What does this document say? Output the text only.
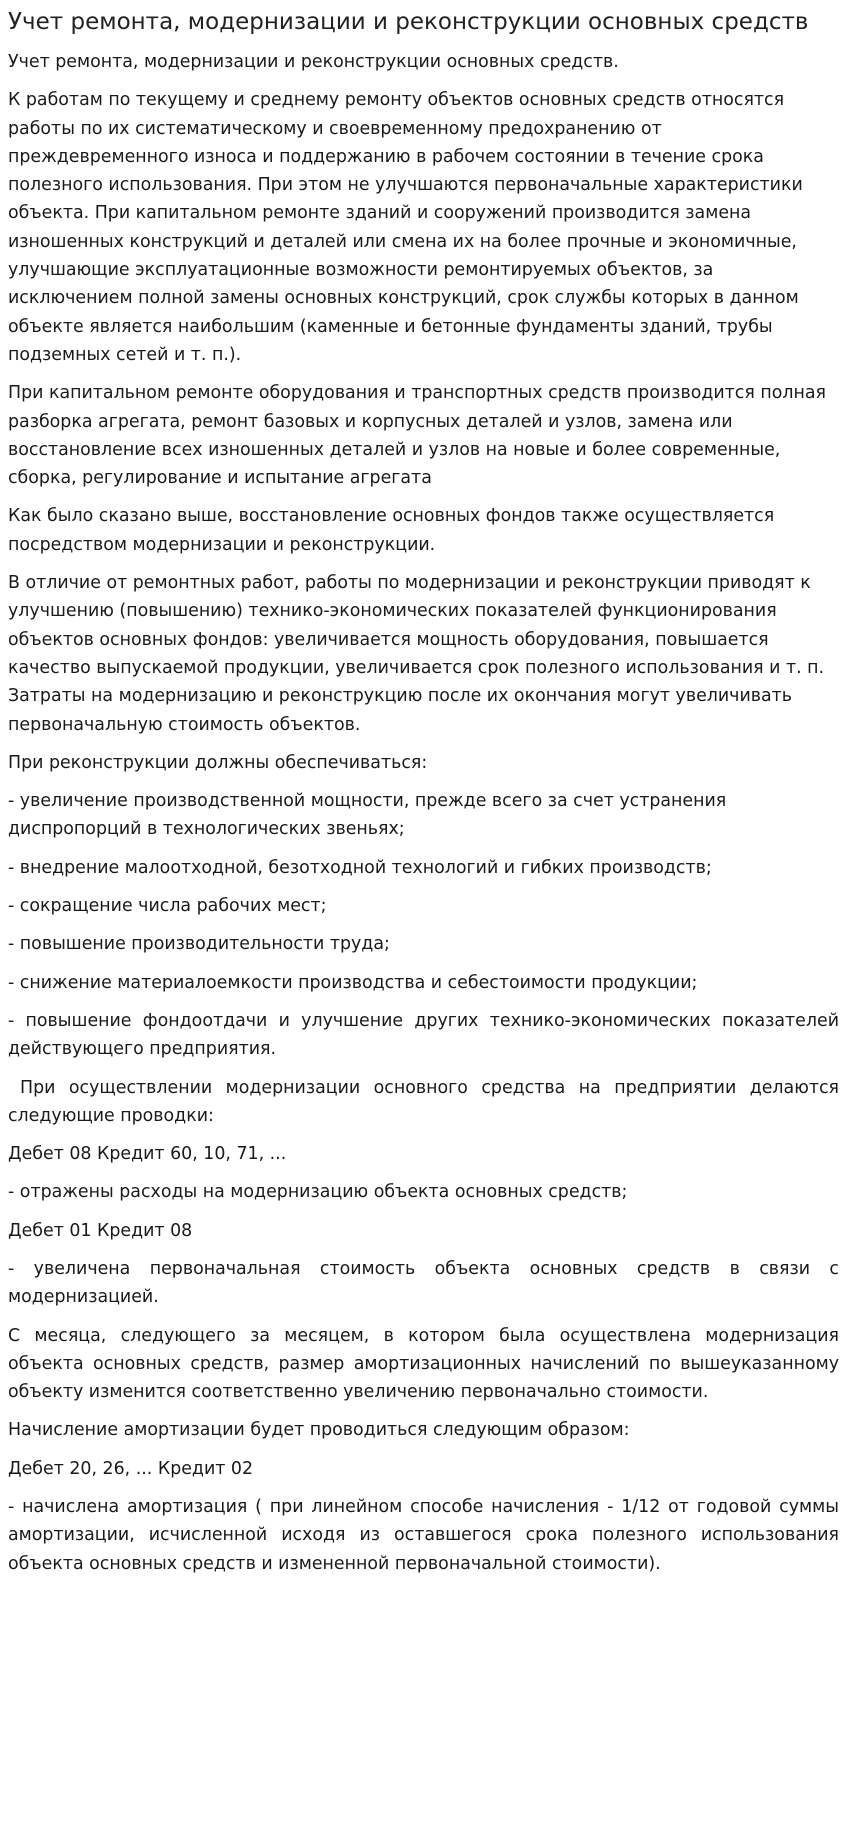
Учет ремонта, модернизации и реконструкции основных средств

Учет ремонта, модернизации и реконструкции основных средств.

К работам по текущему и среднему ремонту объектов основных средств относятся работы по их систематическому и своевременному предохранению от преждевременного износа и поддержанию в рабочем состоянии в течение срока полезного использования. При этом не улучшаются первоначальные характеристики объекта. При капитальном ремонте зданий и сооружений производится замена изношенных конструкций и деталей или смена их на более прочные и экономичные, улучшающие эксплуатационные возможности ремонтируемых объектов, за исключением полной замены основных конструкций, срок службы которых в данном объекте является наибольшим (каменные и бетонные фундаменты зданий, трубы подземных сетей и т. п.).

При капитальном ремонте оборудования и транспортных средств производится полная разборка агрегата, ремонт базовых и корпусных деталей и узлов, замена или восстановление всех изношенных деталей и узлов на новые и более современные, сборка, регулирование и испытание агрегата

Как было сказано выше, восстановление основных фондов также осуществляется посредством модернизации и реконструкции.

В отличие от ремонтных работ, работы по модернизации и реконструкции приводят к улучшению (повышению) технико-экономических показателей функционирования объектов основных фондов: увеличивается мощность оборудования, повышается качество выпускаемой продукции, увеличивается срок полезного использования и т. п. Затраты на модернизацию и реконструкцию после их окончания могут увеличивать первоначальную стоимость объектов.

При реконструкции должны обеспечиваться:

- увеличение производственной мощности, прежде всего за счет устранения диспропорций в технологических звеньях;

- внедрение малоотходной, безотходной технологий и гибких производств;

- сокращение числа рабочих мест;

- повышение производительности труда;

- снижение материалоемкости производства и себестоимости продукции;

- повышение фондоотдачи и улучшение других технико-экономических показателей действующего предприятия.

При осуществлении модернизации основного средства на предприятии делаются следующие проводки:

Дебет 08 Кредит 60, 10, 71, ...

- отражены расходы на модернизацию объекта основных средств;

Дебет 01 Кредит 08

- увеличена первоначальная стоимость объекта основных средств в связи с модернизацией.

С месяца, следующего за месяцем, в котором была осуществлена модернизация объекта основных средств, размер амортизационных начислений по вышеуказанному объекту изменится соответственно увеличению первоначально стоимости.

Начисление амортизации будет проводиться следующим образом:

Дебет 20, 26, ... Кредит 02

- начислена амортизация ( при линейном способе начисления - 1/12 от годовой суммы амортизации, исчисленной исходя из оставшегося срока полезного использования объекта основных средств и измененной первоначальной стоимости).
